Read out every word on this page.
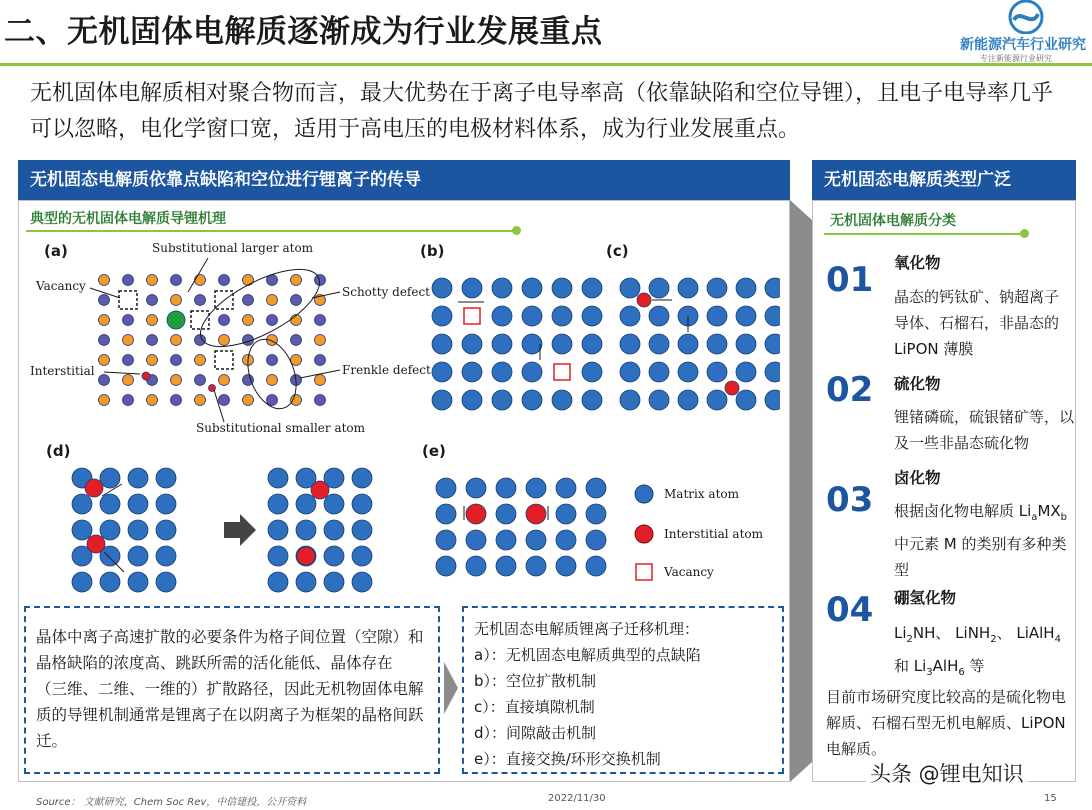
二、无机固体电解质逐渐成为行业发展重点	新能源汽车行业研究
专注新能源行业研究
无机固体电解质相对聚合物而言，最大优势在于离子电导率高（依靠缺陷和空位导锂），且电子电导率几乎可以忽略，电化学窗口宽，适用于高电压的电极材料体系，成为行业发展重点。
无机固态电解质依靠点缺陷和空位进行锂离子的传导
典型的无机固体电解质导锂机理
(a)	Substitutional larger atom
Vacancy	Schotty defect
Interstitial	Frenkle defect
Substitutional smaller atom
(b)	(c)
(d)	(e)
Matrix atom
Interstitial atom
Vacancy
晶体中离子高速扩散的必要条件为格子间位置（空隙）和晶格缺陷的浓度高、跳跃所需的活化能低、晶体存在 （三维、二维、一维的）扩散路径，因此无机物固体电解质的导锂机制通常是锂离子在以阴离子为框架的晶格间跃迁。
无机固态电解质锂离子迁移机理：
a）：无机固态电解质典型的点缺陷
b）：空位扩散机制
c）：直接填隙机制
d）：间隙敲击机制
e）：直接交换/环形交换机制
无机固态电解质类型广泛
无机固体电解质分类
01 氧化物
晶态的钙钛矿、钠超离子导体、石榴石，非晶态的 LiPON 薄膜
02 硫化物
锂锗磷硫，硫银锗矿等，以及一些非晶态硫化物
03
卤化物
根据卤化物电解质 $Li_aMX_b$中元素 M 的类别有多种类型
04 硼氢化物
$Li_2NH$、 LiNH$_2$、 LiAlH$_4$
和 $Li_3AlH_6$ 等
目前市场研究度比较高的是硫化物电解质、石榴石型无机电解质、LiPON 电解质。
Source： 文献研究，Chem Soc Rev，中信建投，公开资料	2022/11/30	15
头条 @锂电知识
